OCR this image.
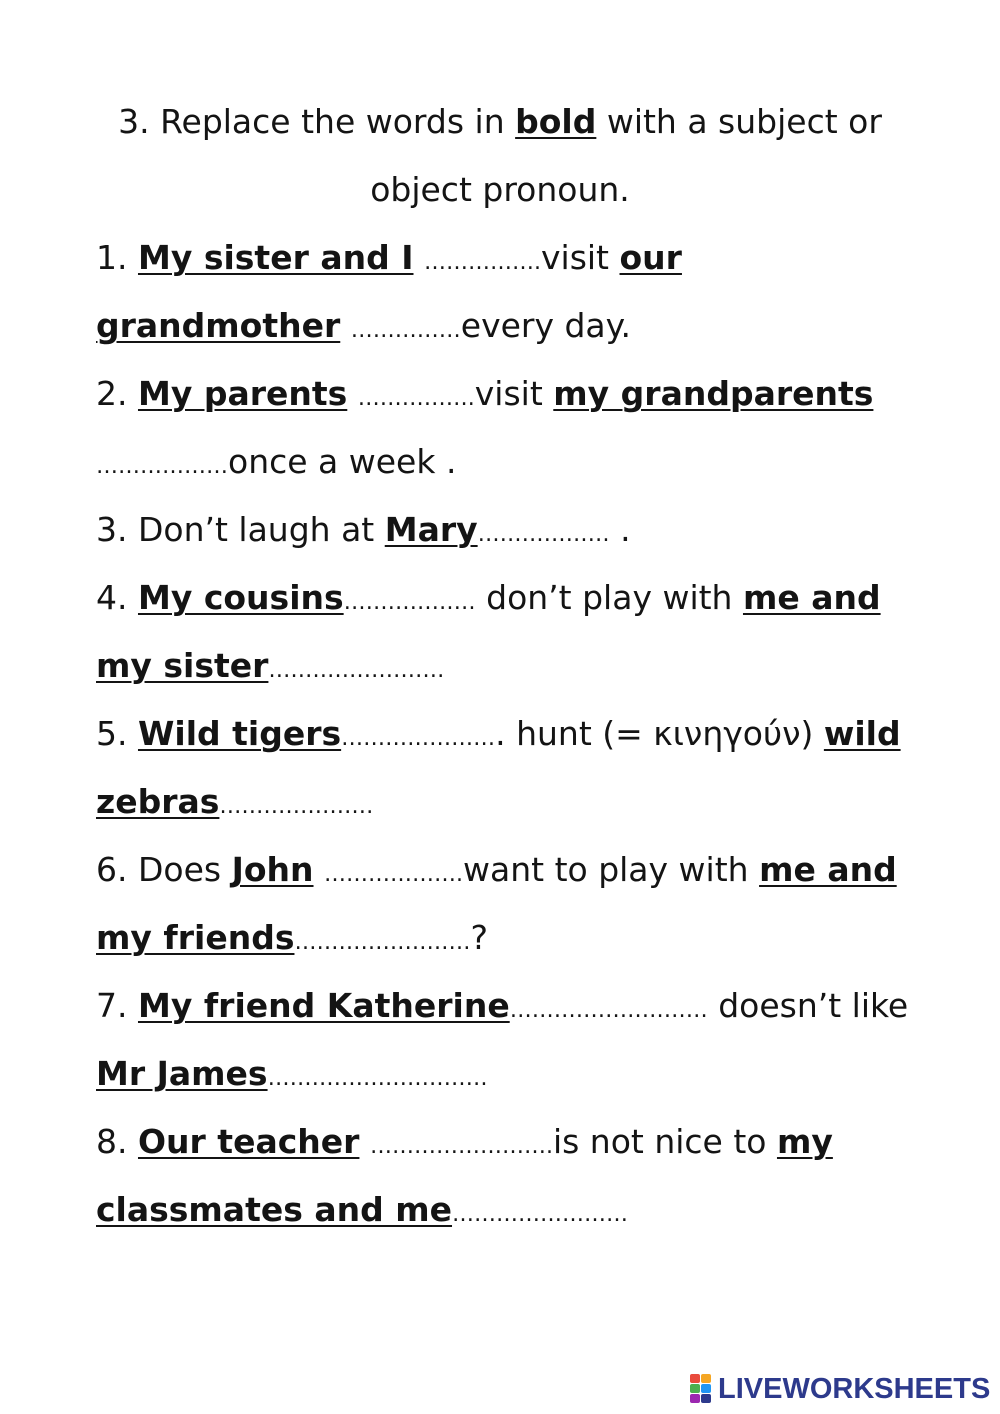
3. Replace the words in bold with a subject or
object pronoun.
1. My sister and I …………….visit our
grandmother ……………every day.
2. My parents …………….visit my grandparents
………………once a week .
3. Don’t laugh at Mary……………… .
4. My cousins……………… don’t play with me and
my sister……………………
5. Wild tigers…………………. hunt (= κινηγούν) wild
zebras…………………
6. Does John ……………….want to play with me and
my friends……………………?
7. My friend Katherine……………………… doesn’t like
Mr James…………………………
8. Our teacher …………………….is not nice to my
classmates and me……………………
LIVEWORKSHEETS
